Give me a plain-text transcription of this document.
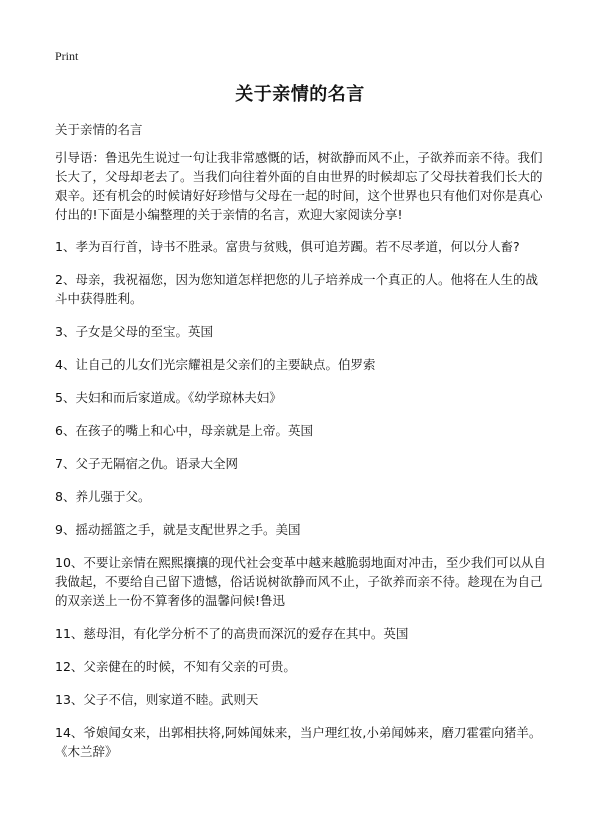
Print
关于亲情的名言
关于亲情的名言

引导语：鲁迅先生说过一句让我非常感慨的话，树欲静而风不止，子欲养而亲不待。我们长大了，父母却老去了。当我们向往着外面的自由世界的时候却忘了父母扶着我们长大的艰辛。还有机会的时候请好好珍惜与父母在一起的时间，这个世界也只有他们对你是真心付出的!下面是小编整理的关于亲情的名言，欢迎大家阅读分享!

1、孝为百行首，诗书不胜录。富贵与贫贱，俱可追芳躅。若不尽孝道，何以分人畜?

2、母亲，我祝福您，因为您知道怎样把您的儿子培养成一个真正的人。他将在人生的战斗中获得胜利。

3、子女是父母的至宝。英国

4、让自己的儿女们光宗耀祖是父亲们的主要缺点。伯罗索

5、夫妇和而后家道成。《幼学琼林夫妇》

6、在孩子的嘴上和心中，母亲就是上帝。英国

7、父子无隔宿之仇。语录大全网

8、养儿强于父。

9、摇动摇篮之手，就是支配世界之手。美国

10、不要让亲情在熙熙攘攘的现代社会变革中越来越脆弱地面对冲击，至少我们可以从自我做起，不要给自己留下遗憾，俗话说树欲静而风不止，子欲养而亲不待。趁现在为自己的双亲送上一份不算奢侈的温馨问候!鲁迅

11、慈母泪，有化学分析不了的高贵而深沉的爱存在其中。英国

12、父亲健在的时候，不知有父亲的可贵。

13、父子不信，则家道不睦。武则天

14、爷娘闻女来，出郭相扶将,阿姊闻妹来，当户理红妆,小弟闻姊来，磨刀霍霍向猪羊。《木兰辞》
